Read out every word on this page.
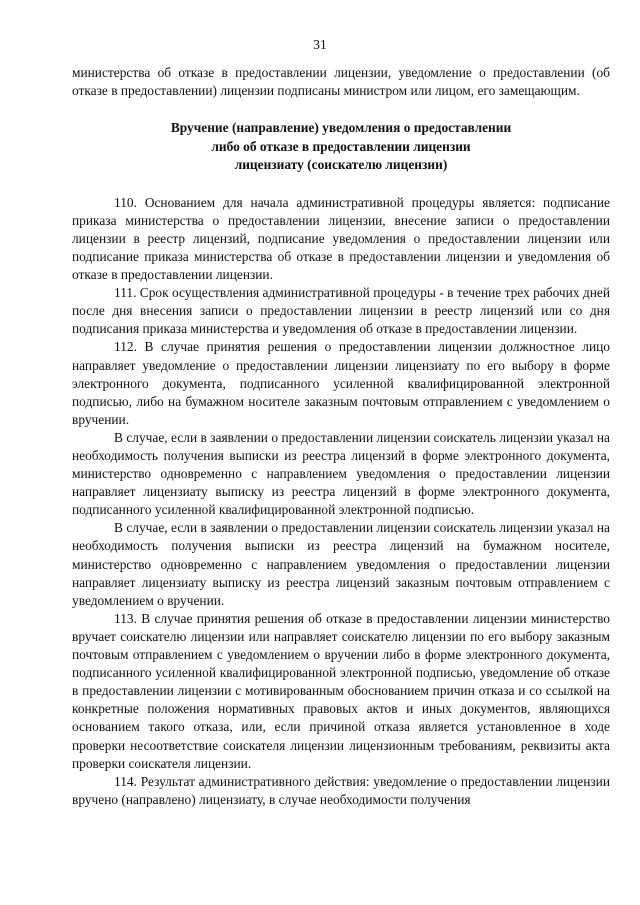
31

министерства об отказе в предоставлении лицензии, уведомление о предоставлении (об отказе в предоставлении) лицензии подписаны министром или лицом, его замещающим.

Вручение (направление) уведомления о предоставлении
либо об отказе в предоставлении лицензии
лицензиату (соискателю лицензии)

110. Основанием для начала административной процедуры является: подписание приказа министерства о предоставлении лицензии, внесение записи о предоставлении лицензии в реестр лицензий, подписание уведомления о предоставлении лицензии или подписание приказа министерства об отказе в предоставлении лицензии и уведомления об отказе в предоставлении лицензии.

111. Срок осуществления административной процедуры - в течение трех рабочих дней после дня внесения записи о предоставлении лицензии в реестр лицензий или со дня подписания приказа министерства и уведомления об отказе в предоставлении лицензии.

112. В случае принятия решения о предоставлении лицензии должностное лицо направляет уведомление о предоставлении лицензии лицензиату по его выбору в форме электронного документа, подписанного усиленной квалифицированной электронной подписью, либо на бумажном носителе заказным почтовым отправлением с уведомлением о вручении.

В случае, если в заявлении о предоставлении лицензии соискатель лицензии указал на необходимость получения выписки из реестра лицензий в форме электронного документа, министерство одновременно с направлением уведомления о предоставлении лицензии направляет лицензиату выписку из реестра лицензий в форме электронного документа, подписанного усиленной квалифицированной электронной подписью.

В случае, если в заявлении о предоставлении лицензии соискатель лицензии указал на необходимость получения выписки из реестра лицензий на бумажном носителе, министерство одновременно с направлением уведомления о предоставлении лицензии направляет лицензиату выписку из реестра лицензий заказным почтовым отправлением с уведомлением о вручении.

113. В случае принятия решения об отказе в предоставлении лицензии министерство вручает соискателю лицензии или направляет соискателю лицензии по его выбору заказным почтовым отправлением с уведомлением о вручении либо в форме электронного документа, подписанного усиленной квалифицированной электронной подписью, уведомление об отказе в предоставлении лицензии с мотивированным обоснованием причин отказа и со ссылкой на конкретные положения нормативных правовых актов и иных документов, являющихся основанием такого отказа, или, если причиной отказа является установленное в ходе проверки несоответствие соискателя лицензии лицензионным требованиям, реквизиты акта проверки соискателя лицензии.

114. Результат административного действия: уведомление о предоставлении лицензии вручено (направлено) лицензиату, в случае необходимости получения
